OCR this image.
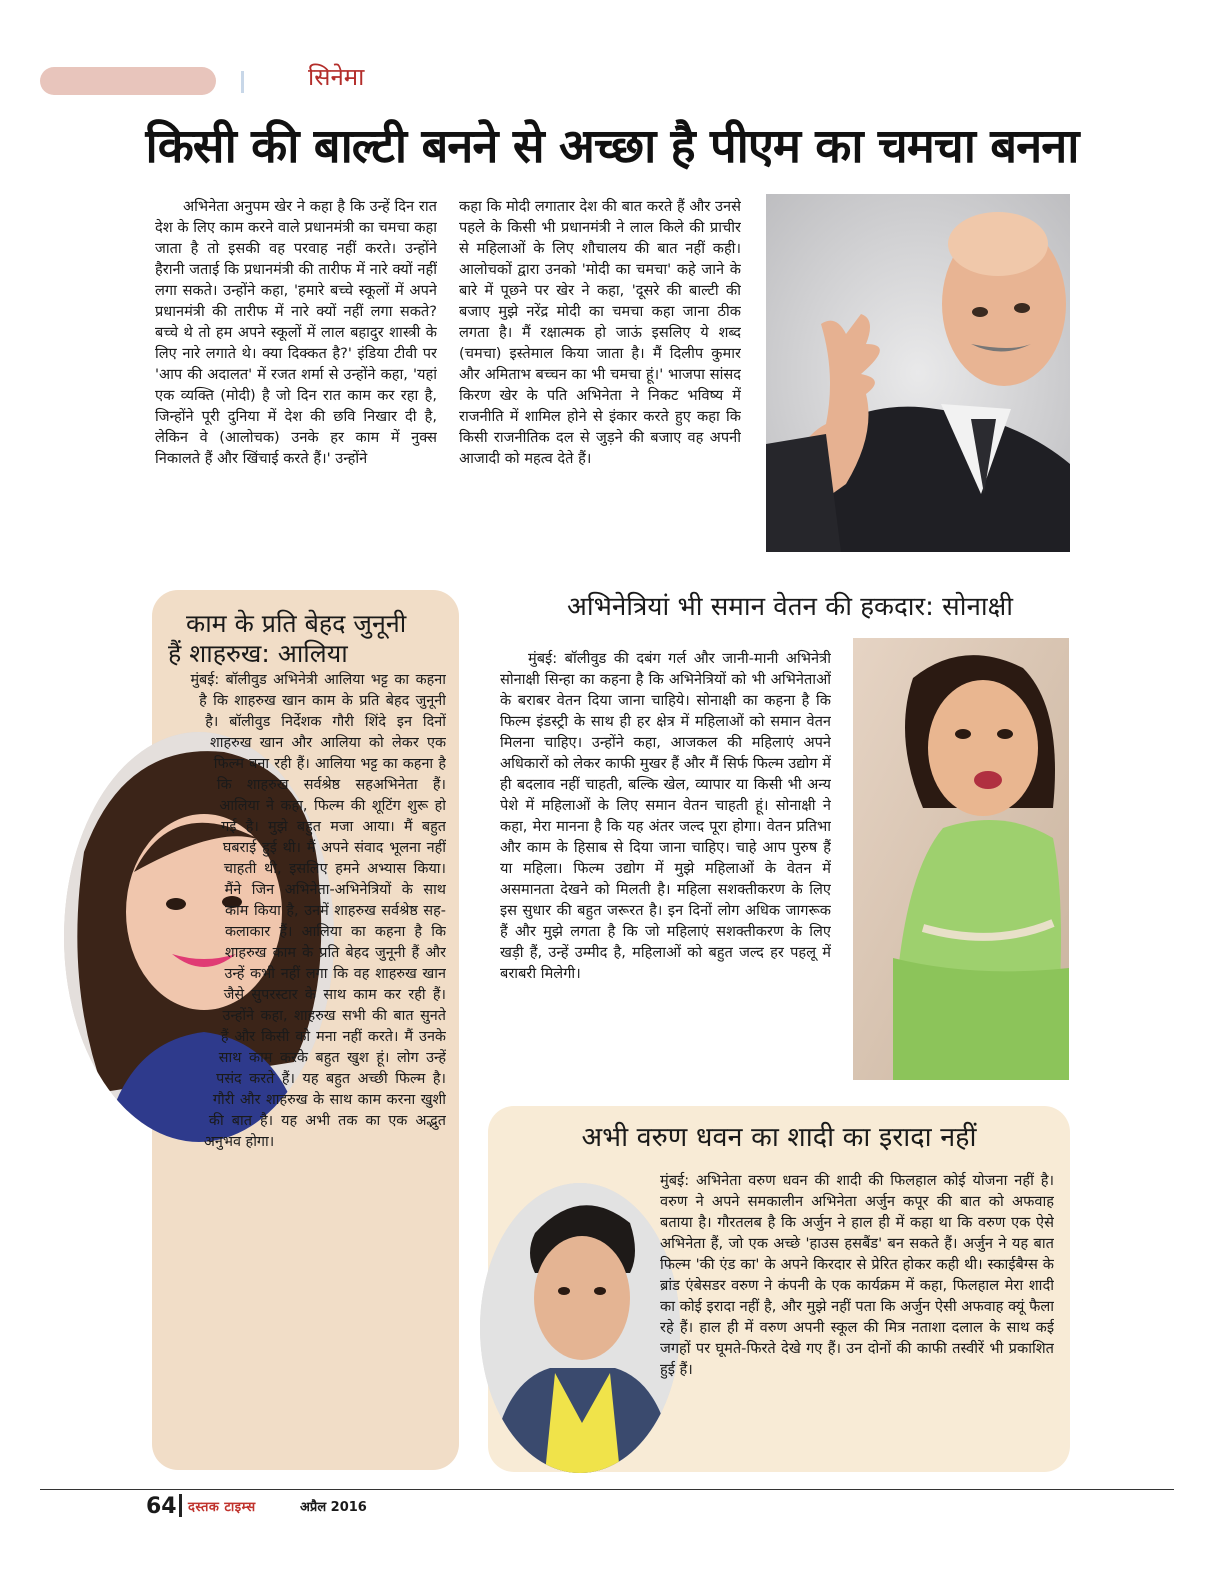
सिनेमा
किसी की बाल्टी बनने से अच्छा है पीएम का चमचा बनना

अभिनेता अनुपम खेर ने कहा है कि उन्हें दिन रात देश के लिए काम करने वाले प्रधानमंत्री का चमचा कहा जाता है तो इसकी वह परवाह नहीं करते। उन्होंने हैरानी जताई कि प्रधानमंत्री की तारीफ में नारे क्यों नहीं लगा सकते। उन्होंने कहा, 'हमारे बच्चे स्कूलों में अपने प्रधानमंत्री की तारीफ में नारे क्यों नहीं लगा सकते? बच्चे थे तो हम अपने स्कूलों में लाल बहादुर शास्त्री के लिए नारे लगाते थे। क्या दिक्कत है?' इंडिया टीवी पर 'आप की अदालत' में रजत शर्मा से उन्होंने कहा, 'यहां एक व्यक्ति (मोदी) है जो दिन रात काम कर रहा है, जिन्होंने पूरी दुनिया में देश की छवि निखार दी है, लेकिन वे (आलोचक) उनके हर काम में नुक्स निकालते हैं और खिंचाई करते हैं।' उन्होंने

कहा कि मोदी लगातार देश की बात करते हैं और उनसे पहले के किसी भी प्रधानमंत्री ने लाल किले की प्राचीर से महिलाओं के लिए शौचालय की बात नहीं कही। आलोचकों द्वारा उनको 'मोदी का चमचा' कहे जाने के बारे में पूछने पर खेर ने कहा, 'दूसरे की बाल्टी की बजाए मुझे नरेंद्र मोदी का चमचा कहा जाना ठीक लगता है। मैं रक्षात्मक हो जाऊं इसलिए ये शब्द (चमचा) इस्तेमाल किया जाता है। मैं दिलीप कुमार और अमिताभ बच्चन का भी चमचा हूं।' भाजपा सांसद किरण खेर के पति अभिनेता ने निकट भविष्य में राजनीति में शामिल होने से इंकार करते हुए कहा कि किसी राजनीतिक दल से जुड़ने की बजाए वह अपनी आजादी को महत्व देते हैं।

काम के प्रति बेहद जुनूनी
हैं शाहरुख: आलिया
मुंबई: बॉलीवुड अभिनेत्री आलिया भट्ट का कहना है कि शाहरुख खान काम के प्रति बेहद जुनूनी है। बॉलीवुड निर्देशक गौरी शिंदे इन दिनों शाहरुख खान और आलिया को लेकर एक फिल्म बना रही हैं। आलिया भट्ट का कहना है कि शाहरुख सर्वश्रेष्ठ सहअभिनेता हैं। आलिया ने कहा, फिल्म की शूटिंग शुरू हो गई है। मुझे बहुत मजा आया। मैं बहुत घबराई हुई थी। मैं अपने संवाद भूलना नहीं चाहती थी, इसलिए हमने अभ्यास किया। मैंने जिन अभिनेता-अभिनेत्रियों के साथ काम किया है, उनमें शाहरुख सर्वश्रेष्ठ सह-कलाकार हैं। आलिया का कहना है कि शाहरुख काम के प्रति बेहद जुनूनी हैं और उन्हें कभी नहीं लगा कि वह शाहरुख खान जैसे सुपरस्टार के साथ काम कर रही हैं। उन्होंने कहा, शाहरुख सभी की बात सुनते हैं और किसी को मना नहीं करते। मैं उनके साथ काम करके बहुत खुश हूं। लोग उन्हें पसंद करते हैं। यह बहुत अच्छी फिल्म है। गौरी और शाहरुख के साथ काम करना खुशी की बात है। यह अभी तक का एक अद्भुत अनुभव होगा।
अभिनेत्रियां भी समान वेतन की हकदार: सोनाक्षी

मुंबई: बॉलीवुड की दबंग गर्ल और जानी-मानी अभिनेत्री सोनाक्षी सिन्हा का कहना है कि अभिनेत्रियों को भी अभिनेताओं के बराबर वेतन दिया जाना चाहिये। सोनाक्षी का कहना है कि फिल्म इंडस्ट्री के साथ ही हर क्षेत्र में महिलाओं को समान वेतन मिलना चाहिए। उन्होंने कहा, आजकल की महिलाएं अपने अधिकारों को लेकर काफी मुखर हैं और मैं सिर्फ फिल्म उद्योग में ही बदलाव नहीं चाहती, बल्कि खेल, व्यापार या किसी भी अन्य पेशे में महिलाओं के लिए समान वेतन चाहती हूं। सोनाक्षी ने कहा, मेरा मानना है कि यह अंतर जल्द पूरा होगा। वेतन प्रतिभा और काम के हिसाब से दिया जाना चाहिए। चाहे आप पुरुष हैं या महिला। फिल्म उद्योग में मुझे महिलाओं के वेतन में असमानता देखने को मिलती है। महिला सशक्तीकरण के लिए इस सुधार की बहुत जरूरत है। इन दिनों लोग अधिक जागरूक हैं और मुझे लगता है कि जो महिलाएं सशक्तीकरण के लिए खड़ी हैं, उन्हें उम्मीद है, महिलाओं को बहुत जल्द हर पहलू में बराबरी मिलेगी।

अभी वरुण धवन का शादी का इरादा नहीं

मुंबई: अभिनेता वरुण धवन की शादी की फिलहाल कोई योजना नहीं है। वरुण ने अपने समकालीन अभिनेता अर्जुन कपूर की बात को अफवाह बताया है। गौरतलब है कि अर्जुन ने हाल ही में कहा था कि वरुण एक ऐसे अभिनेता हैं, जो एक अच्छे 'हाउस हसबैंड' बन सकते हैं। अर्जुन ने यह बात फिल्म 'की एंड का' के अपने किरदार से प्रेरित होकर कही थी। स्काईबैग्स के ब्रांड एंबेसडर वरुण ने कंपनी के एक कार्यक्रम में कहा, फिलहाल मेरा शादी का कोई इरादा नहीं है, और मुझे नहीं पता कि अर्जुन ऐसी अफवाह क्यूं फैला रहे हैं। हाल ही में वरुण अपनी स्कूल की मित्र नताशा दलाल के साथ कई जगहों पर घूमते-फिरते देखे गए हैं। उन दोनों की काफी तस्वीरें भी प्रकाशित हुई हैं।

64 दस्तक टाइम्स	अप्रैल 2016
